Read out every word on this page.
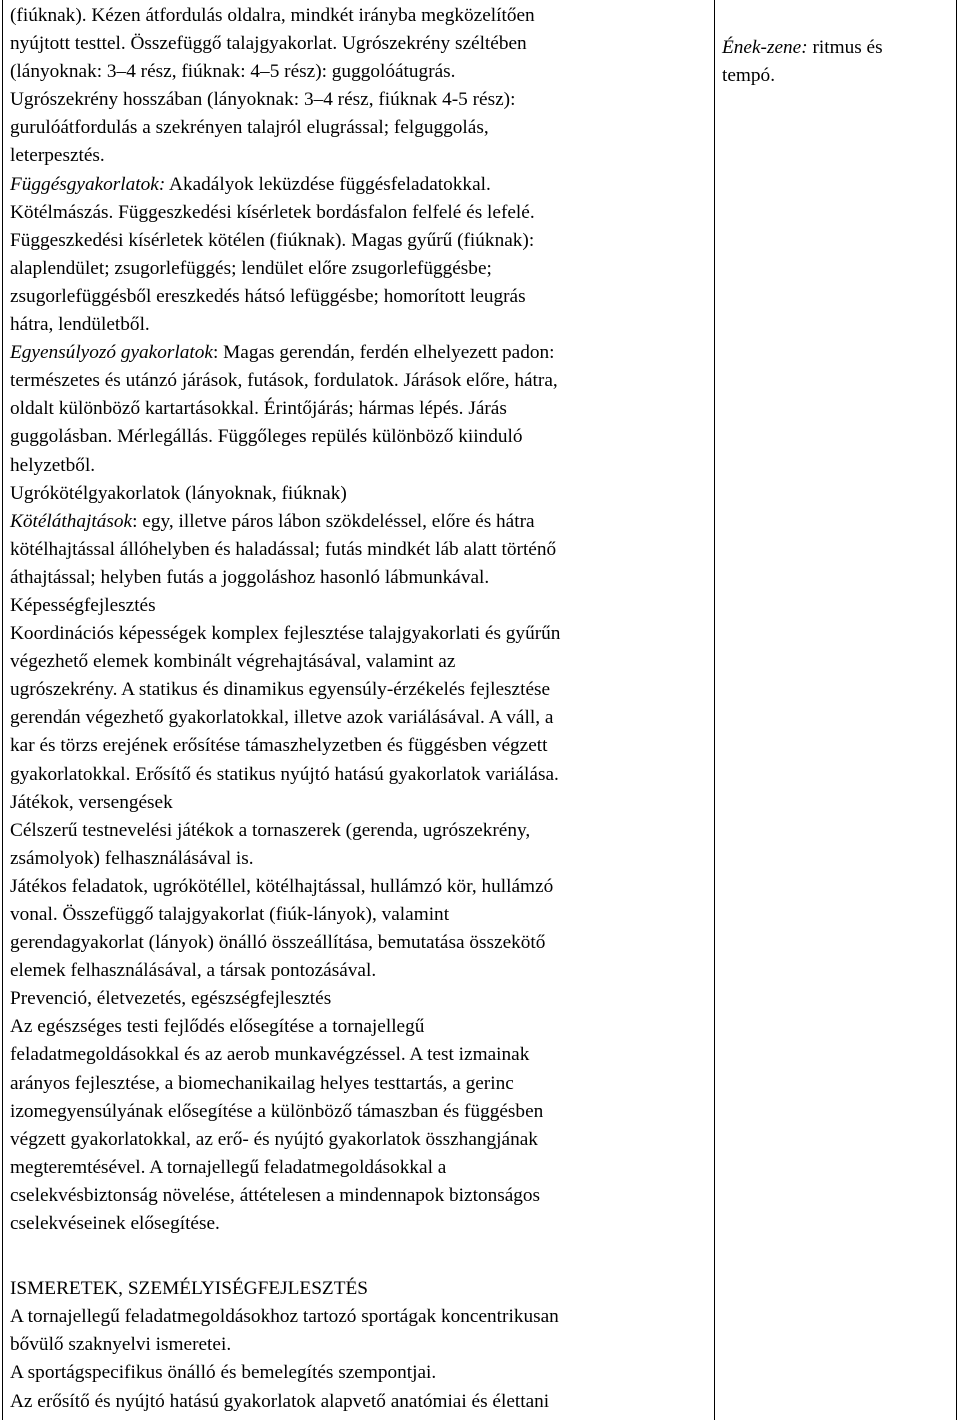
(fiúknak). Kézen átfordulás oldalra, mindkét irányba megközelítően
nyújtott testtel. Összefüggő talajgyakorlat. Ugrószekrény széltében
(lányoknak: 3–4 rész, fiúknak: 4–5 rész): guggolóátugrás.
Ugrószekrény hosszában (lányoknak: 3–4 rész, fiúknak 4-5 rész):
gurulóátfordulás a szekrényen talajról elugrással; felguggolás,
leterpesztés.
Függésgyakorlatok: Akadályok leküzdése függésfeladatokkal.
Kötélmászás. Függeszkedési kísérletek bordásfalon felfelé és lefelé.
Függeszkedési kísérletek kötélen (fiúknak). Magas gyűrű (fiúknak):
alaplendület; zsugorlefüggés; lendület előre zsugorlefüggésbe;
zsugorlefüggésből ereszkedés hátsó lefüggésbe; homorított leugrás
hátra, lendületből.
Egyensúlyozó gyakorlatok: Magas gerendán, ferdén elhelyezett padon:
természetes és utánzó járások, futások, fordulatok. Járások előre, hátra,
oldalt különböző kartartásokkal. Érintőjárás; hármas lépés. Járás
guggolásban. Mérlegállás. Függőleges repülés különböző kiinduló
helyzetből.
Ugrókötélgyakorlatok (lányoknak, fiúknak)
Kötéláthajtások: egy, illetve páros lábon szökdeléssel, előre és hátra
kötélhajtással állóhelyben és haladással; futás mindkét láb alatt történő
áthajtással; helyben futás a joggoláshoz hasonló lábmunkával.
Képességfejlesztés
Koordinációs képességek komplex fejlesztése talajgyakorlati és gyűrűn
végezhető elemek kombinált végrehajtásával, valamint az
ugrószekrény. A statikus és dinamikus egyensúly-érzékelés fejlesztése
gerendán végezhető gyakorlatokkal, illetve azok variálásával. A váll, a
kar és törzs erejének erősítése támaszhelyzetben és függésben végzett
gyakorlatokkal. Erősítő és statikus nyújtó hatású gyakorlatok variálása.
Játékok, versengések
Célszerű testnevelési játékok a tornaszerek (gerenda, ugrószekrény,
zsámolyok) felhasználásával is.
Játékos feladatok, ugrókötéllel, kötélhajtással, hullámzó kör, hullámzó
vonal. Összefüggő talajgyakorlat (fiúk-lányok), valamint
gerendagyakorlat (lányok) önálló összeállítása, bemutatása összekötő
elemek felhasználásával, a társak pontozásával.
Prevenció, életvezetés, egészségfejlesztés
Az egészséges testi fejlődés elősegítése a tornajellegű
feladatmegoldásokkal és az aerob munkavégzéssel. A test izmainak
arányos fejlesztése, a biomechanikailag helyes testtartás, a gerinc
izomegyensúlyának elősegítése a különböző támaszban és függésben
végzett gyakorlatokkal, az erő- és nyújtó gyakorlatok összhangjának
megteremtésével. A tornajellegű feladatmegoldásokkal a
cselekvésbiztonság növelése, áttételesen a mindennapok biztonságos
cselekvéseinek elősegítése.
ISMERETEK, SZEMÉLYISÉGFEJLESZTÉS
A tornajellegű feladatmegoldásokhoz tartozó sportágak koncentrikusan
bővülő szaknyelvi ismeretei.
A sportágspecifikus önálló és bemelegítés szempontjai.
Az erősítő és nyújtó hatású gyakorlatok alapvető anatómiai és élettani
Ének-zene: ritmus és
tempó.
